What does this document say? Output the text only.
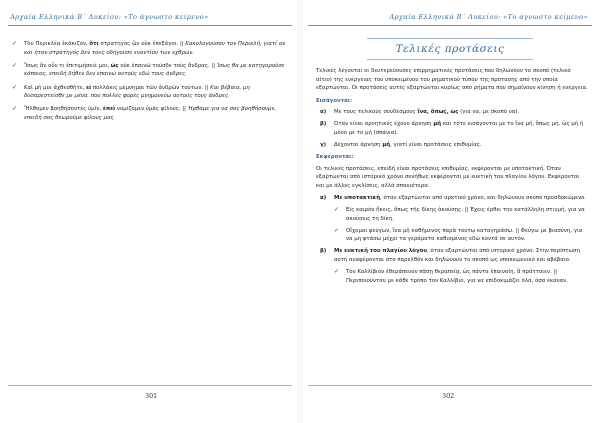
Αρχαία Ελληνικά Β΄ Λυκείου: «Το άγνωστο κείμενο»
✓	Τὸν Περικλέα ἐκάκιζον, ὅτι στρατηγὸς ὢν οὐκ ἐπεξάγοι. || Κακολογούσαν τον Περικλή, γιατί αν και ήταν στρατηγός δεν τους οδηγούσε εναντίον των εχθρών.
✓	Ἴσως ἂν οὖν τι ἐπιτιμήσειέ μοι, ὡς οὐκ ἐπαινῶ τούσδε τοὺς ἄνδρας. || Ίσως θα με κατηγορούσε κάποιος, επειδή δήθεν δεν επαινώ αυτούς εδώ τους άνδρες.
✓	Καὶ μὴ μοι ἀχθεσθῆτε, εἰ πολλάκις μέμνημαι τῶν ἀνδρῶν τούτων. || Και βέβαια, μη δυσαρεστείσθε με μένα, που πολλές φορές μνημονεύω αυτούς τους άνδρες.
✓	Ἤλθομεν βοηθήσοντες ὑμῖν, ἐπεὶ νομίζομεν ὑμᾶς φίλους. || Ήρθαμε για να σας βοηθήσουμε, επειδή σας θεωρούμε φίλους μας.
301
Αρχαία Ελληνικά Β΄ Λυκείου: «Το άγνωστο κείμενο»
Τελικές προτάσεις
Τελικές λέγονται οι δευτερεύουσες επιρρηματικές προτάσεις που δηλώνουν το σκοπό (τελικό αίτιο) της ενέργειας του υποκειμένου του ρηματικού τύπου της πρότασης από την οποία εξαρτώνται. Οι προτάσεις αυτές εξαρτώνται κυρίως από ρήματα που σημαίνουν κίνηση ή ενέργεια.
Εισάγονται:
α) Με τους τελικούς συνδέσμους ἵνα, ὅπως, ὡς (για να, με σκοπό να).
β) Όταν είναι αρνητικές έχουν άρνηση μή και τότε εισάγονται με το ἵνα μή, ὅπως μή, ὡς μή ή μόνο με το μή (σπάνια).
γ) Δέχονται άρνηση μή, γιατί είναι προτάσεις επιθυμίας.
Εκφέρονται:
Οι τελικές προτάσεις, επειδή είναι προτάσεις επιθυμίας, εκφέρονται με υποτακτική. Όταν εξαρτώνται από ιστορικό χρόνο συνήθως εκφέρονται με ευκτική του πλαγίου λόγου. Εκφέρονται και με άλλες εγκλίσεις, αλλά σπανιότερα.
α) Με υποτακτική, όταν εξαρτώνται από αρκτικό χρόνο, και δηλώνουν σκοπό προσδοκώμενο.
✓	Εἰς καιρὸν ἥκεις, ὅπως τῆς δίκης ἀκούσῃς. || Έχεις έρθει την κατάλληλη στιγμή, για να ακούσεις τη δίκη.
✓	Οἴχομαι φεύγων, ἵνα μὴ καθήμενος παρὰ τούτῳ καταγηράσω. || Φεύγω με βιασύνη, για να μη φτάσω μέχρι τα γεράματα καθισμένος εδώ κοντά σε αυτόν.
β) Με ευκτική του πλαγίου λόγου, όταν εξαρτώνται από ιστορικό χρόνο. Στην περίπτωση αυτή αναφέρονται στο παρελθόν και δηλώνουν το σκοπό ως υποκειμενικό και αβέβαιο.
✓	Τὸν Καλλίβιον ἐθεράπευον πᾶσῃ θεραπείᾳ, ὡς πάντα ἐπαινοίη, ἃ πράττοιεν. || Περιποιούνταν με κάθε τρόπο τον Καλλίβιο, για να επιδοκιμάζει όλα, όσα έκαναν.
302
